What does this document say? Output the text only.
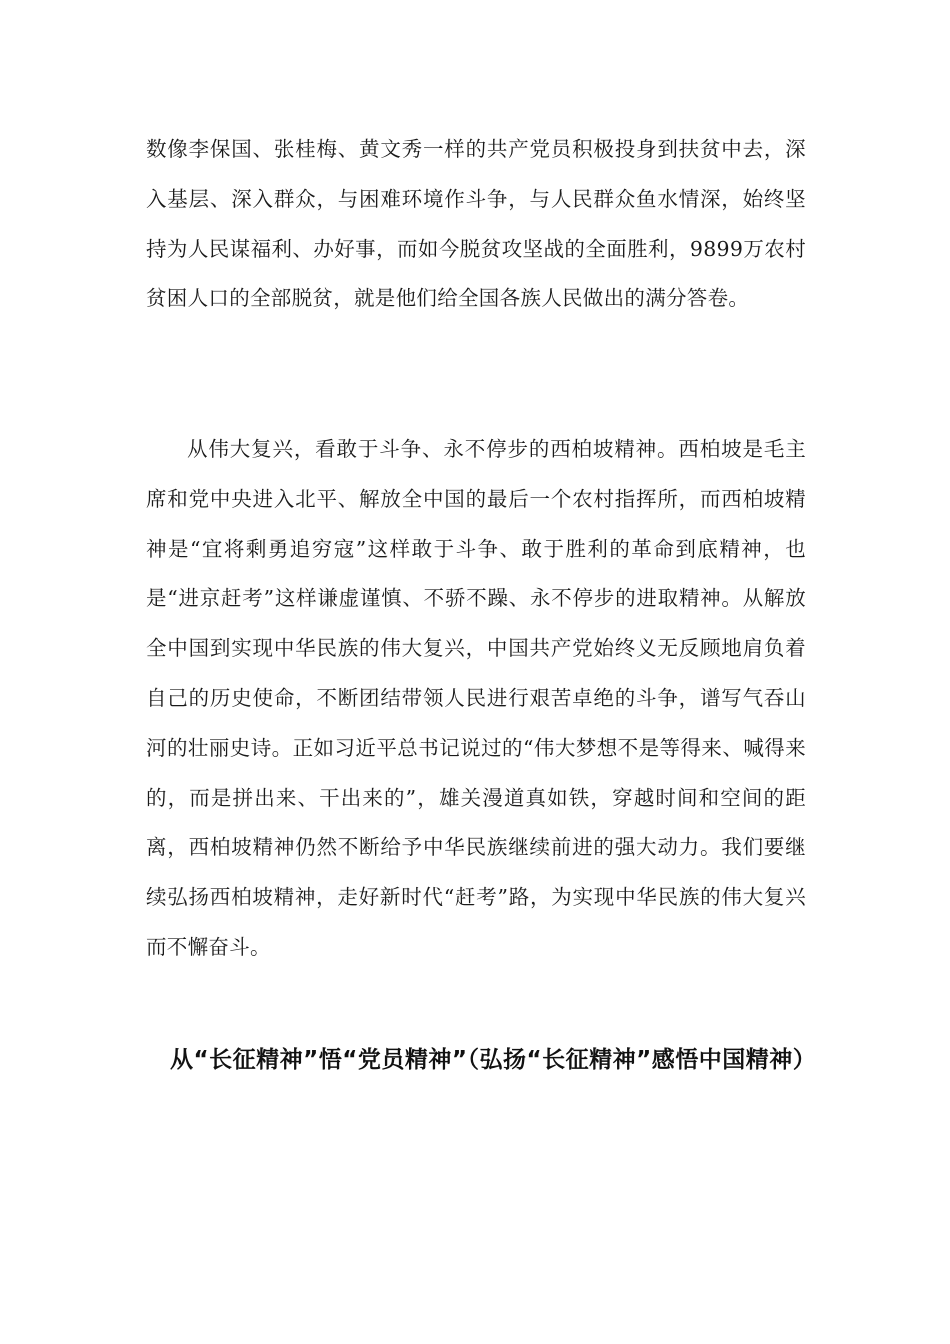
数像李保国、张桂梅、黄文秀一样的共产党员积极投身到扶贫中去，深入基层、深入群众，与困难环境作斗争，与人民群众鱼水情深，始终坚持为人民谋福利、办好事，而如今脱贫攻坚战的全面胜利，9899万农村贫困人口的全部脱贫，就是他们给全国各族人民做出的满分答卷。

从伟大复兴，看敢于斗争、永不停步的西柏坡精神。西柏坡是毛主席和党中央进入北平、解放全中国的最后一个农村指挥所，而西柏坡精神是“宜将剩勇追穷寇”这样敢于斗争、敢于胜利的革命到底精神，也是“进京赶考”这样谦虚谨慎、不骄不躁、永不停步的进取精神。从解放全中国到实现中华民族的伟大复兴，中国共产党始终义无反顾地肩负着自己的历史使命，不断团结带领人民进行艰苦卓绝的斗争，谱写气吞山河的壮丽史诗。正如习近平总书记说过的“伟大梦想不是等得来、喊得来的，而是拼出来、干出来的”，雄关漫道真如铁，穿越时间和空间的距离，西柏坡精神仍然不断给予中华民族继续前进的强大动力。我们要继续弘扬西柏坡精神，走好新时代“赶考”路，为实现中华民族的伟大复兴而不懈奋斗。

从“长征精神”悟“党员精神”（弘扬“长征精神”感悟中国精神）
